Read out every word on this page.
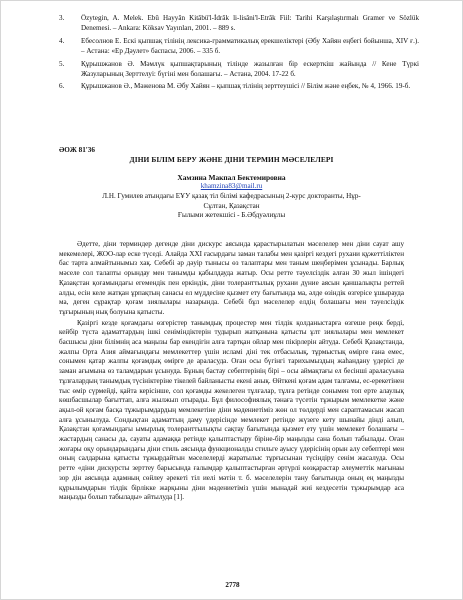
3.	Özytegin, A. Melek. Ebû Hayyân Kitâbü'l-İdrâk li-lisâni'l-Etrâk Fiil: Tarihi Karşılaştırmalı Gramer ve Sözlük Denemesi. – Ankara: Köksav Yayınları, 2001. – 889 s.
4.	Ебесолнов Е. Ескі қыпшақ тілінің лексика-грамматикалық ерекшеліктері (Әбу Хайян еңбегі бойынша, ХІV ғ.). – Астана: «Ер Дәулет» баспасы, 2006. – 335 б.
5.	Құрышжанов Ә. Мәмлүк қыпшақтарының тілінде жазылған бір ескерткіш жайында // Кене Түркі Жазуларының Зерттелуі: бүгіні мен болашағы. – Астана, 2004. 17-22 б.
6.	Құрышжанов Ә., Мәженова М. Әбу Хайян – қыпшақ тілінің зерттеушісі // Білім және еңбек, № 4, 1966. 19-б.
ӘОЖ 81'36
ДІНИ БІЛІМ БЕРУ ЖӘНЕ ДІНИ ТЕРМИН МӘСЕЛЕЛЕРІ
Хамзина Макпал Бектемировна
khamzina83@mail.ru
Л.Н. Гумилев атындағы ЕҰУ қазақ тіл білімі кафедрасының 2-курс докторанты, Нұр-
Сұлтан, Қазақстан
Ғылыми жетекшісі - Б.Әбдуәлиұлы

Әдетте, діни терминдер дегенде діни дискурс аясында қарастырылатын мәселелер мен діни сауат ашу мекемелері, ЖОО-лар еске түседі. Алайда XXI ғасырдағы заман талабы мен қазіргі кездегі рухани құжеттіліктен бас тарта алмайтынымыз хақ. Себебі әр дәуір тынысы өз талаптары мен таным шеңберімен ұсынады. Барлық мәселе сол талапты орындау мен танымды қабылдауда жатыр. Осы ретте тәуелсіздік алған 30 жыл ішіндегі Қазақстан қоғамындағы егемендік пен еркіндік, діни толеранттылық рухани дүние аясын қаншалықты реттей алды, есін келе жатқан ұрпақтың санасы ел мүддесіне қызмет ету бағытында ма, әлде өзіндік өзгерісе ұшырауда ма, деген сұрақтар қоғам зиялылары назарында. Себебі бұл мәселелер елдің болашағы мен тәуелсіздік тұғырының нық болуына қатысты.

Қазіргі кезде қоғамдағы өзгерістер танымдық процестер мен тілдік қолданыстарға өзгеше реңк берді, кейбір түста адаматтардың ішкі сеніміндіктерін тудырып жатқанына қатысты ұлт зиялылары мен мемлекет басшысы діни білімнің аса маңызы бар екендігін алға тартқан ойлар мен пікірлерін айтуда. Себебі Қазақстанда, жалпы Орта Азия аймағындағы мемлекеттер үшін исламі діні тек отбасылық, тұрмыстық өмірге ғана емес, сонымен қатар жалпы қоғамдық өмірге де араласуда. Оған осы бүгінгі тарихымыздың жаһандану үдерісі де заман ағымына өз таламдарын ұсынуда. Бұның бастау себептерінің бірі – осы аймақтағы ел бесінші араласуына тұлғалардың танымдық түсініктеріне тікелей байланысты екені анық. Өйткені қоғам адам талғамы, ес-ерекетінен тыс өмір сүрмейді, қайта керісінше, сол қоғамды жекелеген тұлғалар, тұлға ретінде сонымен топ ерте алаулық көшбасшылар бағыттап, алға жылжып отырады. Бұл философиялық тәнаға түсетін тұжырым мемлекетке және ақыл-ой қоғам басқа тұжырымдардың мемлекетіне діни мәдениетіміз жөн ол төлдерді мен сараптамасын жасап алға ұсынылуда. Сондықтан адаматтың даму үдерісінде мемлекет ретінде жүзеге кету шынайы дінді алып, Қазақстан қоғамындағы ымырлық толеранттылықты сақтау бағытында қызмет ету үшін мемлекет болашағы – жастардың санасы да, сауаты адамаққа ретінде қалыптастыру біріне-бір маңызды сана болып табылады. Оған жоғары оқу орындарындағы діни стиль аясында функционалды стильге ауысу үдерісінің орын алу себептері мен оның салдарына қатысты тұжырдайтын мәселелерді жаратылыс тұрғысынан түсіндіру сенім жасалуда. Осы ретте «діни дискурсты зерттеу барысында ғалымдар қалыптастырған әртүрлі көзқарастар әлеуметтік мағынаы зор дін аясында адамның сөйлеу әрекеті тіл иелі мәтін т. б. мәселелерін тану бағытында оның ең маңызды құрылымдарын тілдік бірлікке жарқыны діни мәдениетіміз үшін мынадай жиі кездесетін тұжырымдар аса маңызды болып табылады» айтылуда [1].

2778
